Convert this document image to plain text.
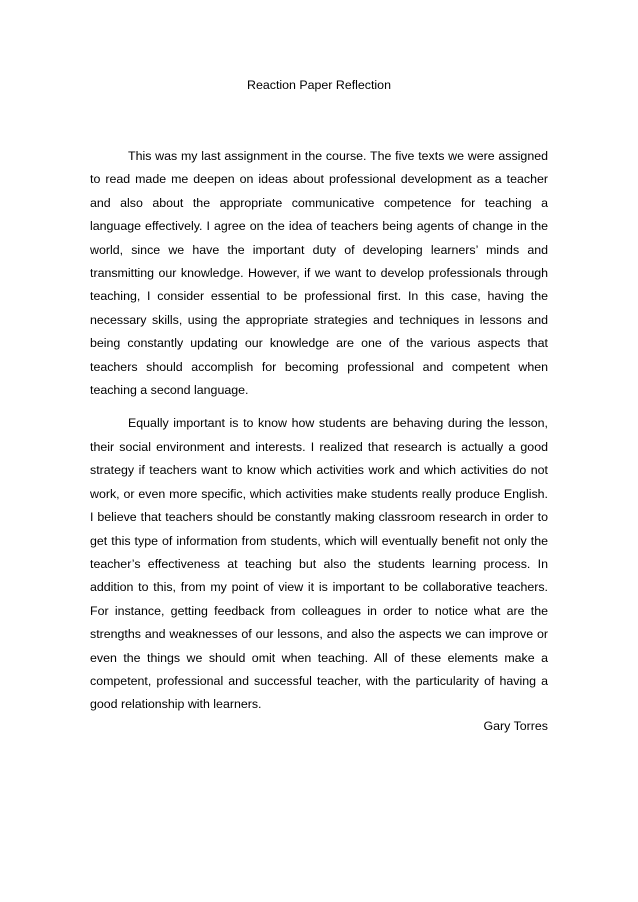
Reaction Paper Reflection

This was my last assignment in the course. The five texts we were assigned to read made me deepen on ideas about professional development as a teacher and also about the appropriate communicative competence for teaching a language effectively. I agree on the idea of teachers being agents of change in the world, since we have the important duty of developing learners’ minds and transmitting our knowledge. However, if we want to develop professionals through teaching, I consider essential to be professional first. In this case, having the necessary skills, using the appropriate strategies and techniques in lessons and being constantly updating our knowledge are one of the various aspects that teachers should accomplish for becoming professional and competent when teaching a second language.

Equally important is to know how students are behaving during the lesson, their social environment and interests. I realized that research is actually a good strategy if teachers want to know which activities work and which activities do not work, or even more specific, which activities make students really produce English. I believe that teachers should be constantly making classroom research in order to get this type of information from students, which will eventually benefit not only the teacher’s effectiveness at teaching but also the students learning process. In addition to this, from my point of view it is important to be collaborative teachers. For instance, getting feedback from colleagues in order to notice what are the strengths and weaknesses of our lessons, and also the aspects we can improve or even the things we should omit when teaching. All of these elements make a competent, professional and successful teacher, with the particularity of having a good relationship with learners.

Gary Torres
